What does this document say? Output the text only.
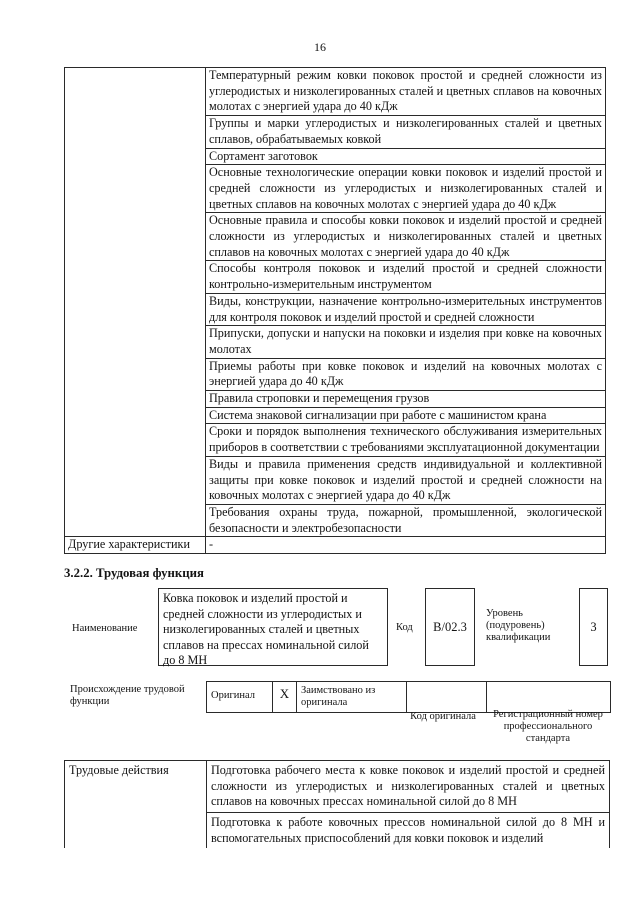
16
	Температурный режим ковки поковок простой и средней сложности из углеродистых и низколегированных сталей и цветных сплавов на ковочных молотах с энергией удара до 40 кДж
	Группы и марки углеродистых и низколегированных сталей и цветных сплавов, обрабатываемых ковкой
	Сортамент заготовок
	Основные технологические операции ковки поковок и изделий простой и средней сложности из углеродистых и низколегированных сталей и цветных сплавов на ковочных молотах с энергией удара до 40 кДж
	Основные правила и способы ковки поковок и изделий простой и средней сложности из углеродистых и низколегированных сталей и цветных сплавов на ковочных молотах с энергией удара до 40 кДж
	Способы контроля поковок и изделий простой и средней сложности контрольно-измерительным инструментом
	Виды, конструкции, назначение контрольно-измерительных инструментов для контроля поковок и изделий простой и средней сложности
	Припуски, допуски и напуски на поковки и изделия при ковке на ковочных молотах
	Приемы работы при ковке поковок и изделий на ковочных молотах с энергией удара до 40 кДж
	Правила строповки и перемещения грузов
	Система знаковой сигнализации при работе с машинистом крана
	Сроки и порядок выполнения технического обслуживания измерительных приборов в соответствии с требованиями эксплуатационной документации
	Виды и правила применения средств индивидуальной и коллективной защиты при ковке поковок и изделий простой и средней сложности на ковочных молотах с энергией удара до 40 кДж
	Требования охраны труда, пожарной, промышленной, экологической безопасности и электробезопасности
Другие характеристики	-
3.2.2. Трудовая функция
Наименование
Ковка поковок и изделий простой и средней сложности из углеродистых и низколегированных сталей и цветных сплавов на прессах номинальной силой до 8 МН
Код	B/02.3
Уровень (подуровень) квалификации
3
Происхождение трудовой функции
Оригинал	X	Заимствовано из оригинала		
Код оригинала	Регистрационный номер профессионального стандарта
Трудовые действия	Подготовка рабочего места к ковке поковок и изделий простой и средней сложности из углеродистых и низколегированных сталей и цветных сплавов на ковочных прессах номинальной силой до 8 МН

	Подготовка к работе ковочных прессов номинальной силой до 8 МН и вспомогательных приспособлений для ковки поковок и изделий
